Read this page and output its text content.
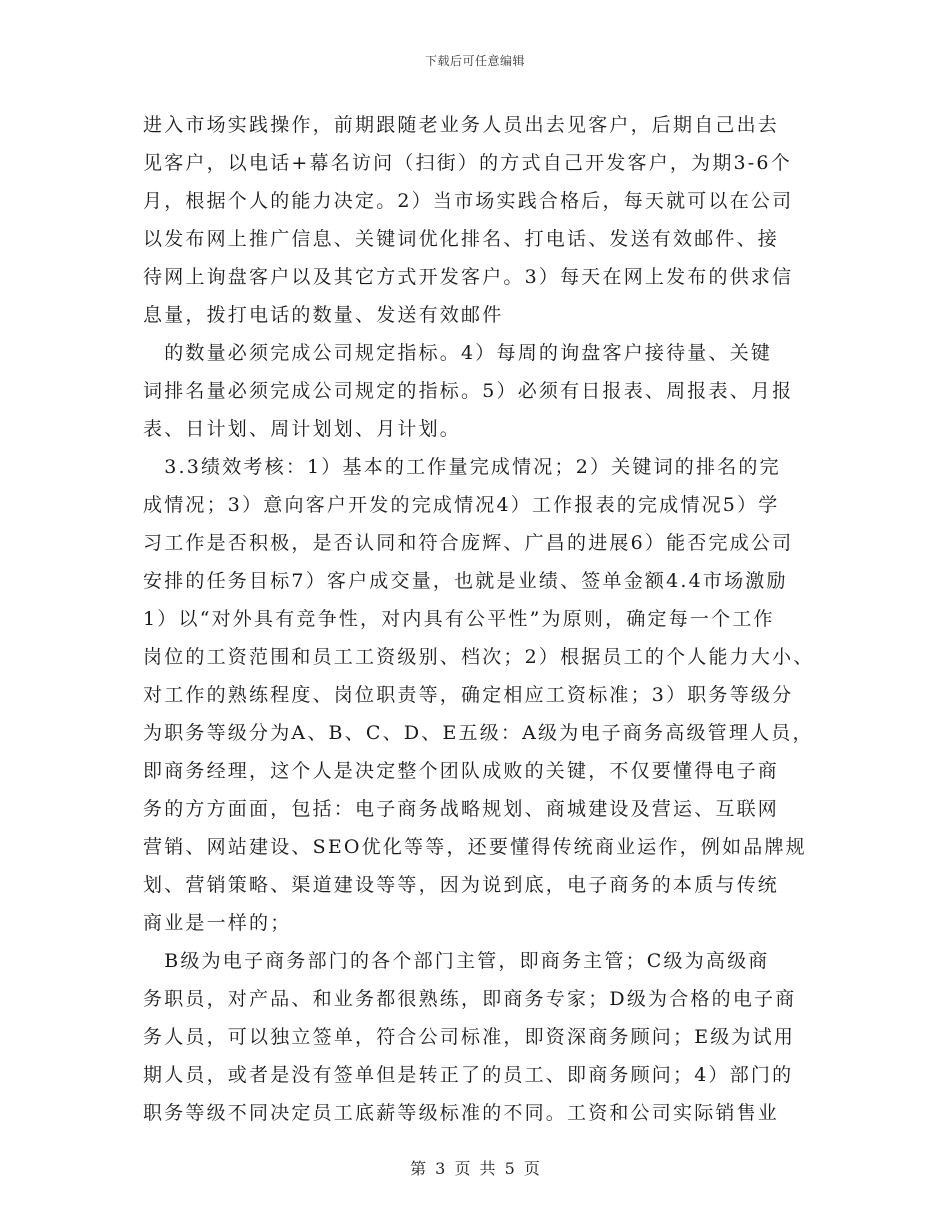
下载后可任意编辑

进入市场实践操作，前期跟随老业务人员出去见客户，后期自己出去
见客户，以电话+幕名访问（扫街）的方式自己开发客户，为期3-6个
月，根据个人的能力决定。2）当市场实践合格后，每天就可以在公司
以发布网上推广信息、关键词优化排名、打电话、发送有效邮件、接
待网上询盘客户以及其它方式开发客户。3）每天在网上发布的供求信
息量，拨打电话的数量、发送有效邮件

　的数量必须完成公司规定指标。4）每周的询盘客户接待量、关键
词排名量必须完成公司规定的指标。5）必须有日报表、周报表、月报
表、日计划、周计划划、月计划。

　3.3绩效考核：1）基本的工作量完成情况；2）关键词的排名的完
成情况；3）意向客户开发的完成情况4）工作报表的完成情况5）学
习工作是否积极，是否认同和符合庞辉、广昌的进展6）能否完成公司
安排的任务目标7）客户成交量，也就是业绩、签单金额4.4市场激励
1）以“对外具有竞争性，对内具有公平性”为原则，确定每一个工作
岗位的工资范围和员工工资级别、档次；2）根据员工的个人能力大小、
对工作的熟练程度、岗位职责等，确定相应工资标准；3）职务等级分
为职务等级分为A、B、C、D、E五级：A级为电子商务高级管理人员，
即商务经理，这个人是决定整个团队成败的关键，不仅要懂得电子商
务的方方面面，包括：电子商务战略规划、商城建设及营运、互联网
营销、网站建设、SEO优化等等，还要懂得传统商业运作，例如品牌规
划、营销策略、渠道建设等等，因为说到底，电子商务的本质与传统
商业是一样的；

　B级为电子商务部门的各个部门主管，即商务主管；C级为高级商
务职员，对产品、和业务都很熟练，即商务专家；D级为合格的电子商
务人员，可以独立签单，符合公司标准，即资深商务顾问；E级为试用
期人员，或者是没有签单但是转正了的员工、即商务顾问；4）部门的
职务等级不同决定员工底薪等级标准的不同。工资和公司实际销售业

第 3 页 共 5 页
